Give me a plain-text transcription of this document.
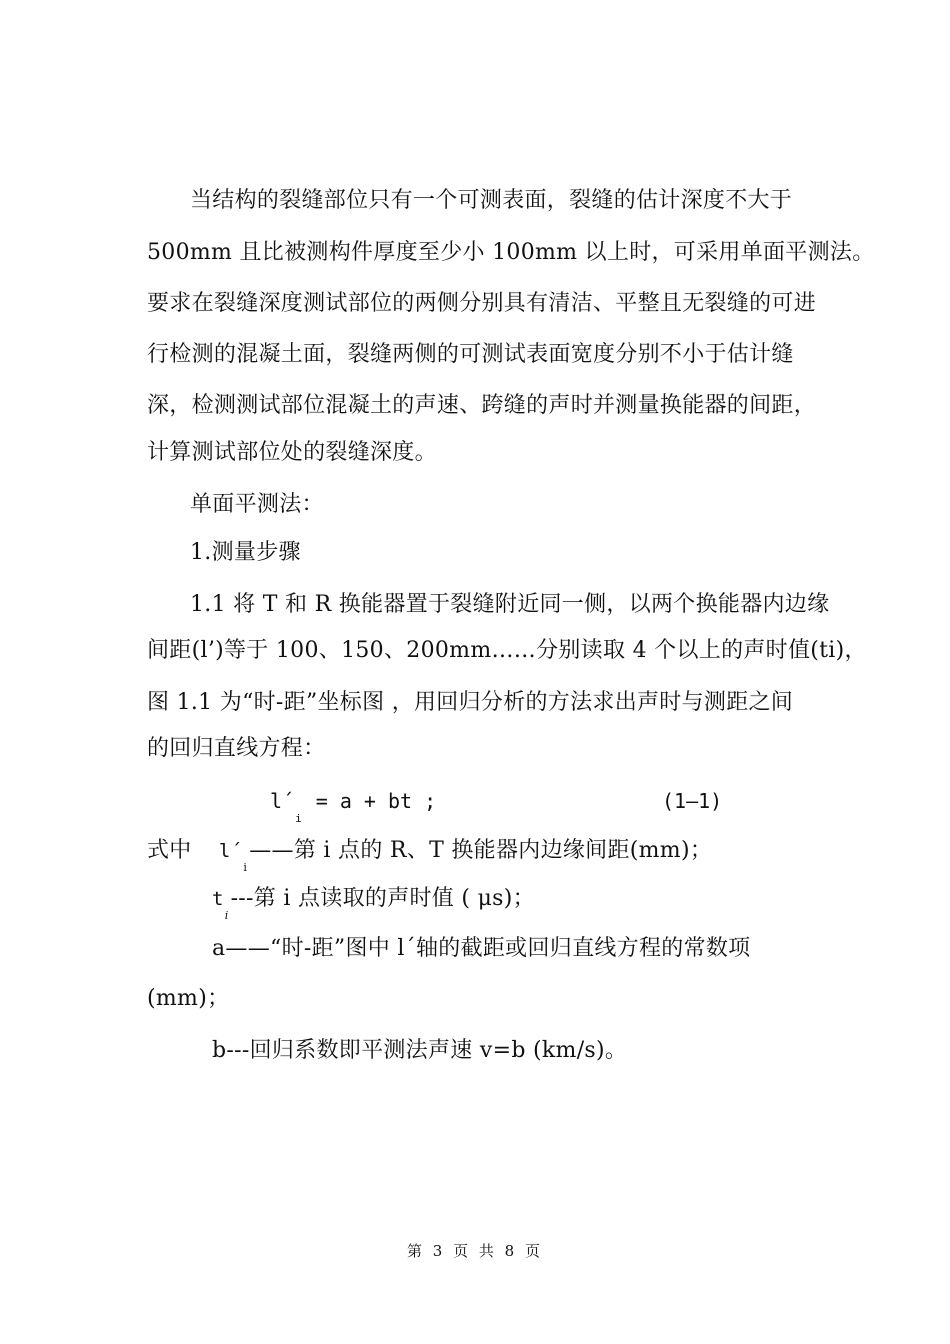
当结构的裂缝部位只有一个可测表面，裂缝的估计深度不大于
500mm 且比被测构件厚度至少小 100mm 以上时，可采用单面平测法。
要求在裂缝深度测试部位的两侧分别具有清洁、平整且无裂缝的可进
行检测的混凝土面，裂缝两侧的可测试表面宽度分别不小于估计缝
深，检测测试部位混凝土的声速、跨缝的声时并测量换能器的间距，
计算测试部位处的裂缝深度。
单面平测法：
1.测量步骤
1.1 将 T 和 R 换能器置于裂缝附近同一侧，以两个换能器内边缘
间距(l’)等于 100、150、200mm……分别读取 4 个以上的声时值(ti)，
图 1.1 为“时-距”坐标图 ，用回归分析的方法求出声时与测距之间
的回归直线方程：
$l´_i = a$ + bt ;	(1—1)
式中 $l´_i——$第 i 点的 R、T 换能器内边缘间距(mm)；
$t_i---$第 i 点读取的声时值 ( μs)；
a——“时-距”图中 l´轴的截距或回归直线方程的常数项
(mm)；
b---回归系数即平测法声速 v=b (km/s)。
第 3 页 共 8 页
